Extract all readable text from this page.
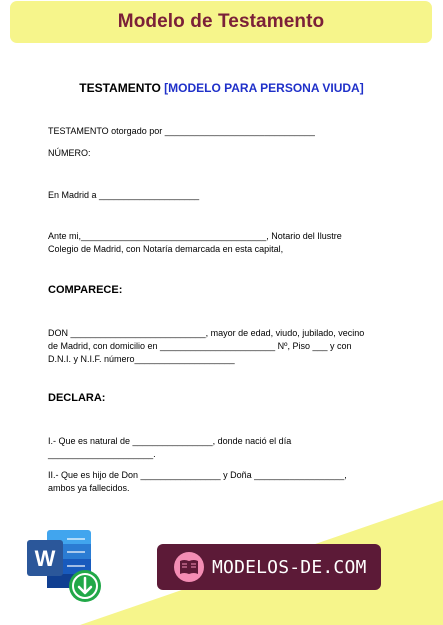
Modelo de Testamento
TESTAMENTO [MODELO PARA PERSONA VIUDA]
TESTAMENTO otorgado por ______________________________
NÚMERO:
En Madrid a ____________________
Ante mi,_____________________________________, Notario del Ilustre
Colegio de Madrid, con Notaría demarcada en esta capital,
COMPARECE:
DON ___________________________, mayor de edad, viudo, jubilado, vecino
de Madrid, con domicilio en _______________________ Nº, Piso ___ y con
D.N.I. y N.I.F. número____________________
DECLARA:
I.- Que es natural de ________________, donde nació el día
_____________________.
II.- Que es hijo de Don ________________ y Doña __________________,
ambos ya fallecidos.
W	MODELOS-DE.COM
